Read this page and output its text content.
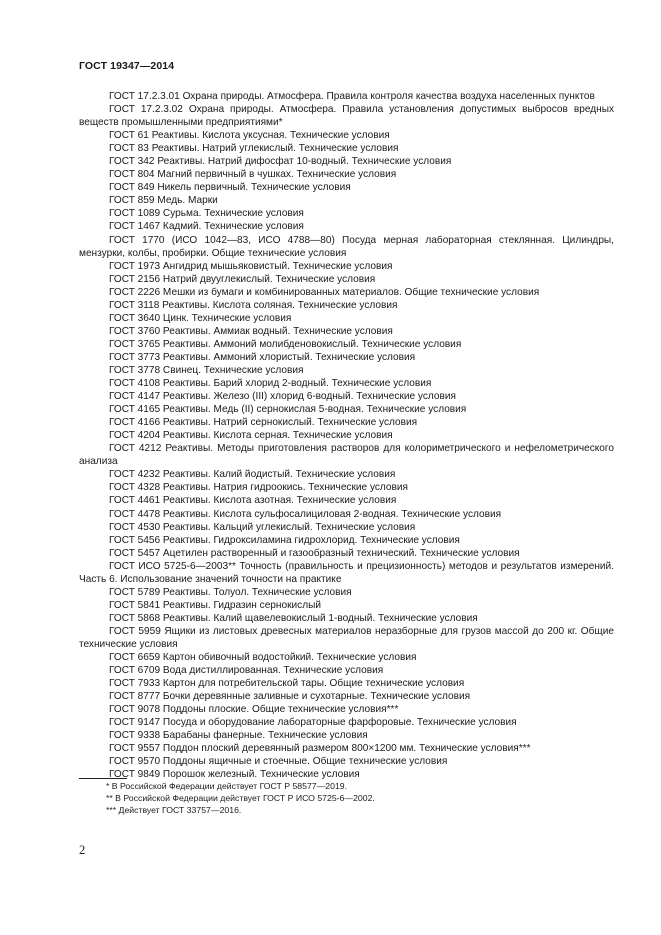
ГОСТ 19347—2014

ГОСТ 17.2.3.01 Охрана природы. Атмосфера. Правила контроля качества воздуха населенных пунктов

ГОСТ 17.2.3.02 Охрана природы. Атмосфера. Правила установления допустимых выбросов вредных веществ промышленными предприятиями*

ГОСТ 61 Реактивы. Кислота уксусная. Технические условия

ГОСТ 83 Реактивы. Натрий углекислый. Технические условия

ГОСТ 342 Реактивы. Натрий дифосфат 10-водный. Технические условия

ГОСТ 804 Магний первичный в чушках. Технические условия

ГОСТ 849 Никель первичный. Технические условия

ГОСТ 859 Медь. Марки

ГОСТ 1089 Сурьма. Технические условия

ГОСТ 1467 Кадмий. Технические условия

ГОСТ 1770 (ИСО 1042—83, ИСО 4788—80) Посуда мерная лабораторная стеклянная. Цилиндры, мензурки, колбы, пробирки. Общие технические условия

ГОСТ 1973 Ангидрид мышьяковистый. Технические условия

ГОСТ 2156 Натрий двууглекислый. Технические условия

ГОСТ 2226 Мешки из бумаги и комбинированных материалов. Общие технические условия

ГОСТ 3118 Реактивы. Кислота соляная. Технические условия

ГОСТ 3640 Цинк. Технические условия

ГОСТ 3760 Реактивы. Аммиак водный. Технические условия

ГОСТ 3765 Реактивы. Аммоний молибденовокислый. Технические условия

ГОСТ 3773 Реактивы. Аммоний хлористый. Технические условия

ГОСТ 3778 Свинец. Технические условия

ГОСТ 4108 Реактивы. Барий хлорид 2-водный. Технические условия

ГОСТ 4147 Реактивы. Железо (III) хлорид 6-водный. Технические условия

ГОСТ 4165 Реактивы. Медь (II) сернокислая 5-водная. Технические условия

ГОСТ 4166 Реактивы. Натрий сернокислый. Технические условия

ГОСТ 4204 Реактивы. Кислота серная. Технические условия

ГОСТ 4212 Реактивы. Методы приготовления растворов для колориметрического и нефелометрического анализа

ГОСТ 4232 Реактивы. Калий йодистый. Технические условия

ГОСТ 4328 Реактивы. Натрия гидроокись. Технические условия

ГОСТ 4461 Реактивы. Кислота азотная. Технические условия

ГОСТ 4478 Реактивы. Кислота сульфосалициловая 2-водная. Технические условия

ГОСТ 4530 Реактивы. Кальций углекислый. Технические условия

ГОСТ 5456 Реактивы. Гидроксиламина гидрохлорид. Технические условия

ГОСТ 5457 Ацетилен растворенный и газообразный технический. Технические условия

ГОСТ ИСО 5725-6—2003** Точность (правильность и прецизионность) методов и результатов измерений. Часть 6. Использование значений точности на практике

ГОСТ 5789 Реактивы. Толуол. Технические условия

ГОСТ 5841 Реактивы. Гидразин сернокислый

ГОСТ 5868 Реактивы. Калий щавелевокислый 1-водный. Технические условия

ГОСТ 5959 Ящики из листовых древесных материалов неразборные для грузов массой до 200 кг. Общие технические условия

ГОСТ 6659 Картон обивочный водостойкий. Технические условия

ГОСТ 6709 Вода дистиллированная. Технические условия

ГОСТ 7933 Картон для потребительской тары. Общие технические условия

ГОСТ 8777 Бочки деревянные заливные и сухотарные. Технические условия

ГОСТ 9078 Поддоны плоские. Общие технические условия***

ГОСТ 9147 Посуда и оборудование лабораторные фарфоровые. Технические условия

ГОСТ 9338 Барабаны фанерные. Технические условия

ГОСТ 9557 Поддон плоский деревянный размером 800×1200 мм. Технические условия***

ГОСТ 9570 Поддоны ящичные и стоечные. Общие технические условия

ГОСТ 9849 Порошок железный. Технические условия

* В Российской Федерации действует ГОСТ Р 58577—2019.

** В Российской Федерации действует ГОСТ Р ИСО 5725-6—2002.

*** Действует ГОСТ 33757—2016.

2
